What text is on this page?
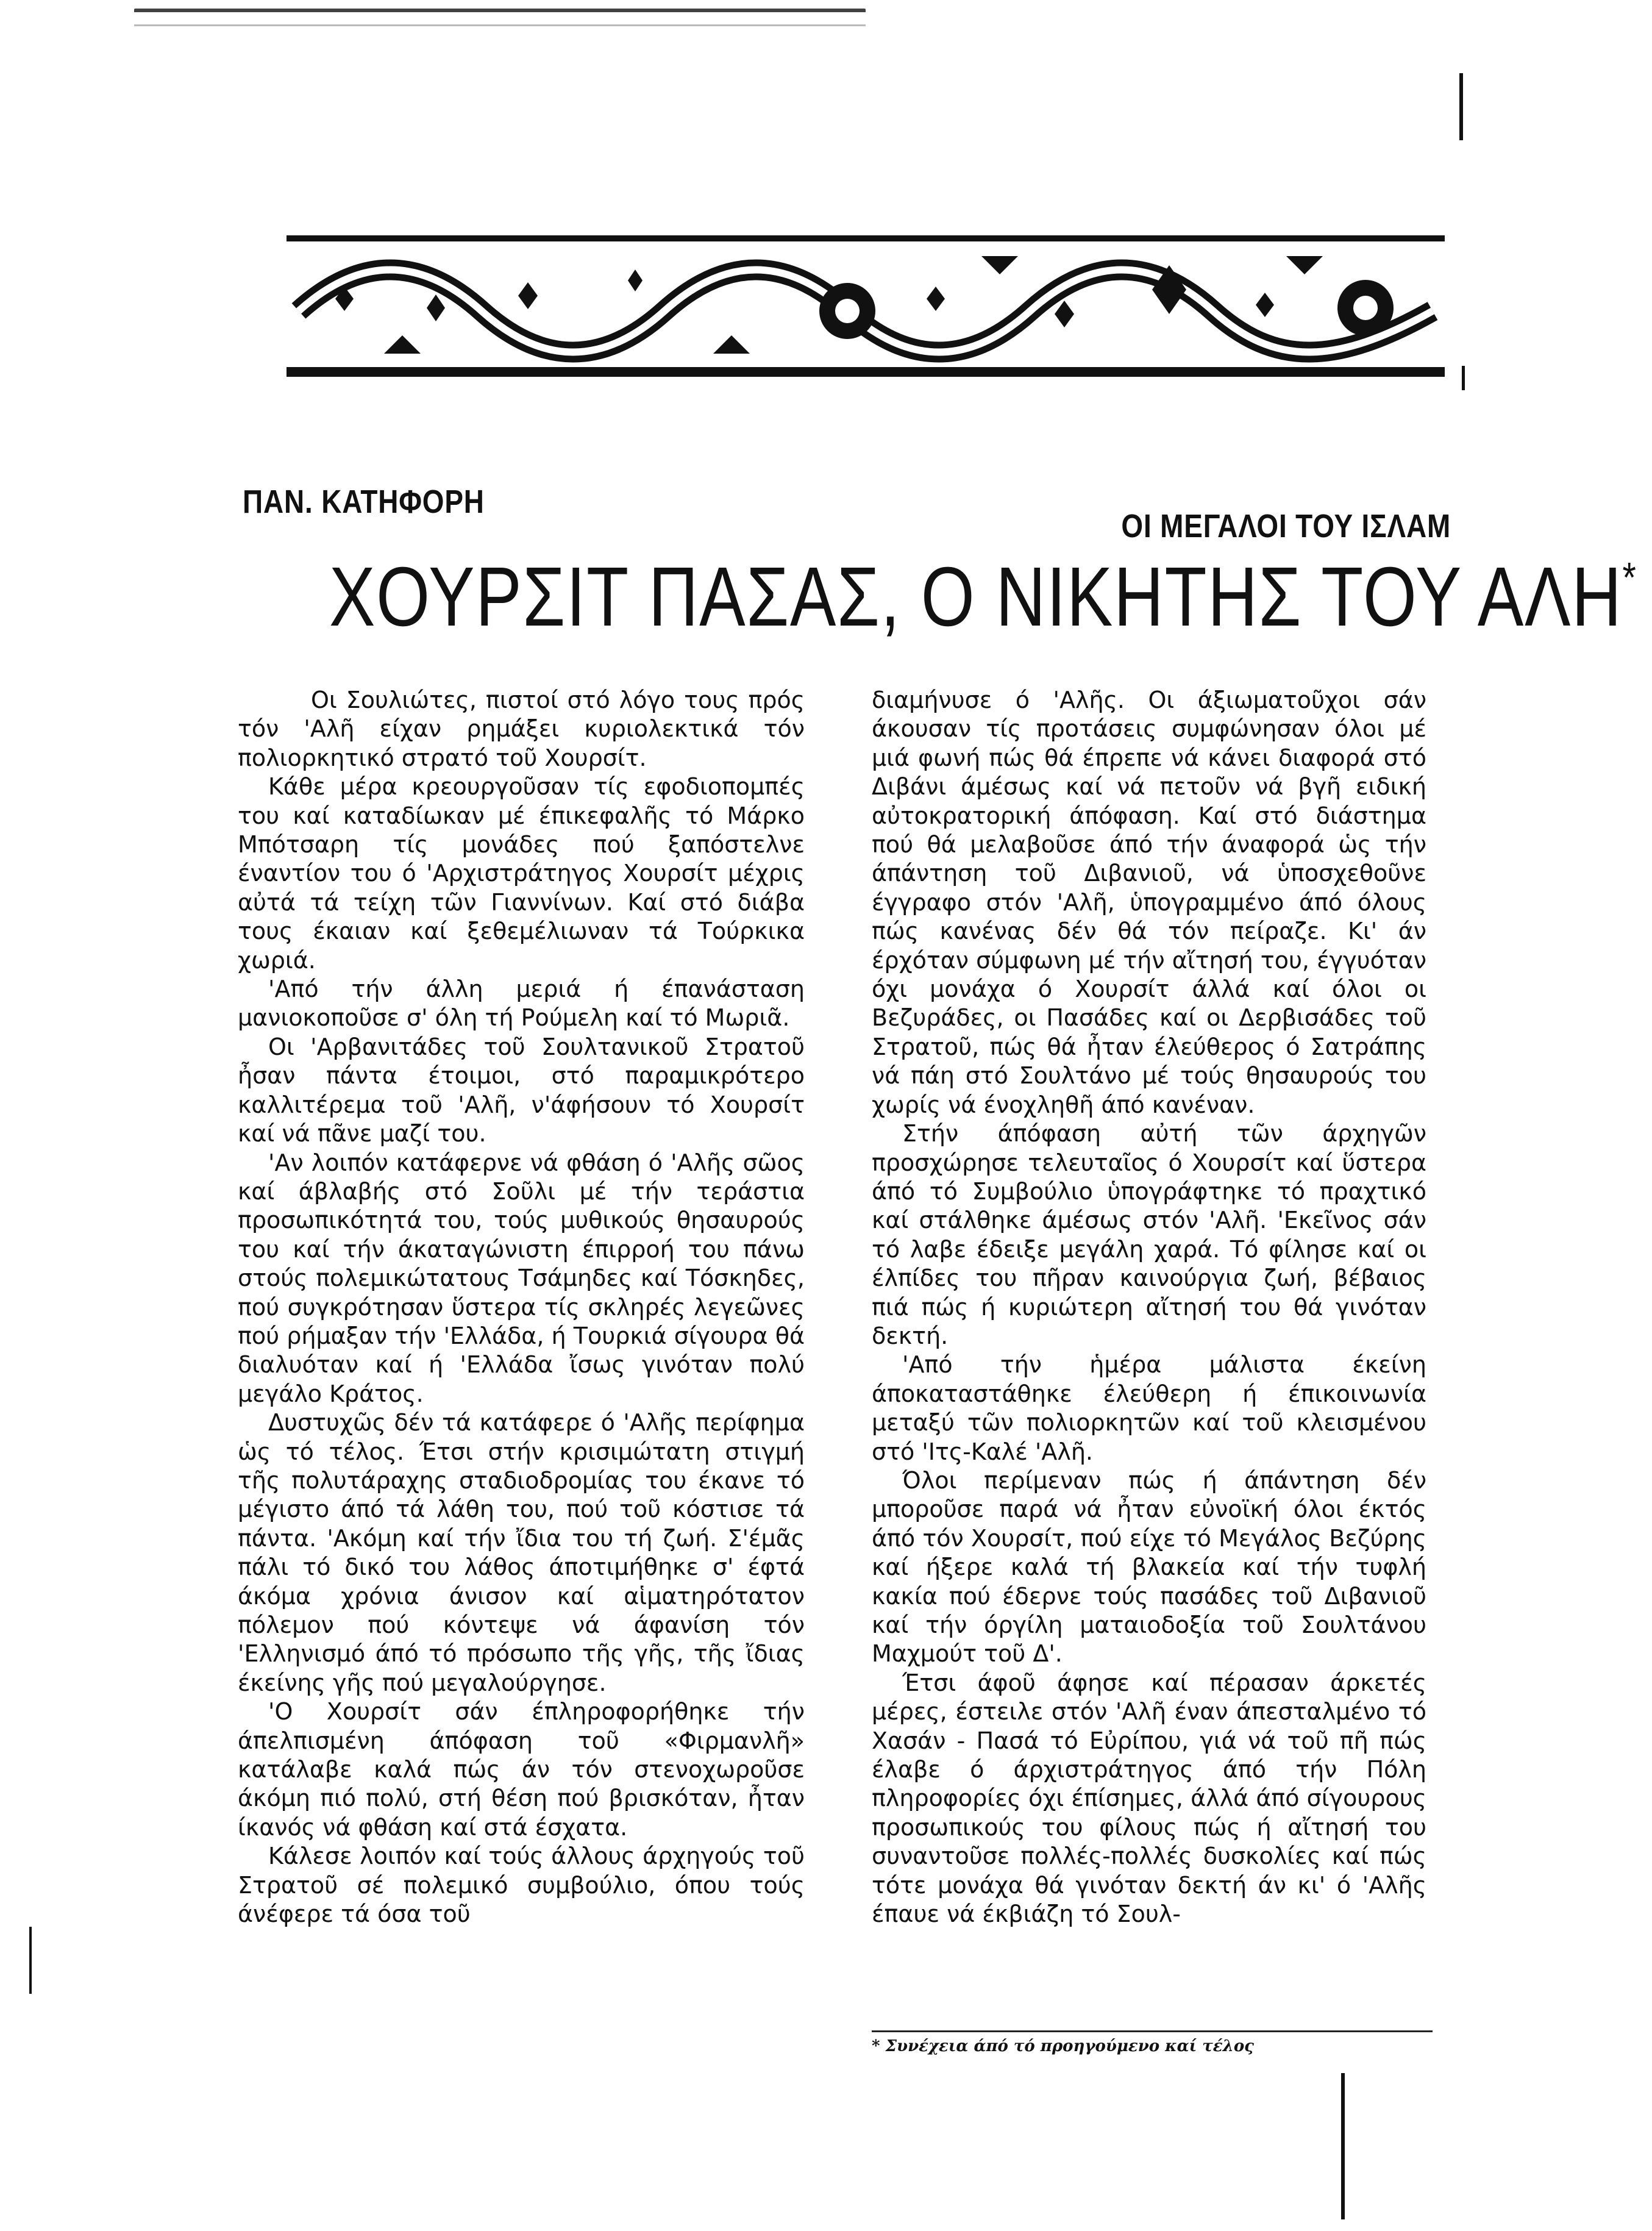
ΠΑΝ. ΚΑΤΗΦΟΡΗ
ΟΙ ΜΕΓΑΛΟΙ ΤΟΥ ΙΣΛΑΜ
ΧΟΥΡΣΙΤ ΠΑΣΑΣ, Ο ΝΙΚΗΤΗΣ ΤΟΥ ΑΛΗ*

Οι Σουλιώτες, πιστοί στό λόγο τους πρός τόν 'Αλῆ είχαν ρημάξει κυριολεκτικά τόν πολιορκητικό στρατό τοῦ Χουρσίτ.

Κάθε μέρα κρεουργοῦσαν τίς εφοδιοπομπές του καί καταδίωκαν μέ έπικεφαλῆς τό Μάρκο Μπότσαρη τίς μονάδες πού ξαπόστελνε έναντίον του ό 'Αρχιστράτηγος Χουρσίτ μέχρις αὐτά τά τείχη τῶν Γιαννίνων. Καί στό διάβα τους έκαιαν καί ξεθεμέλιωναν τά Τούρκικα χωριά.

'Από τήν άλλη μεριά ή έπανάσταση μανιοκοποῦσε σ' όλη τή Ρούμελη καί τό Μωριᾶ.

Οι 'Αρβανιτάδες τοῦ Σουλτανικοῦ Στρατοῦ ἦσαν πάντα έτοιμοι, στό παραμικρότερο καλλιτέρεμα τοῦ 'Αλῆ, ν'άφήσουν τό Χουρσίτ καί νά πᾶνε μαζί του.

'Αν λοιπόν κατάφερνε νά φθάση ό 'Αλῆς σῶος καί άβλαβής στό Σοῦλι μέ τήν τεράστια προσωπικότητά του, τούς μυθικούς θησαυρούς του καί τήν άκαταγώνιστη έπιρροή του πάνω στούς πολεμικώτατους Τσάμηδες καί Τόσκηδες, πού συγκρότησαν ὕστερα τίς σκληρές λεγεῶνες πού ρήμαξαν τήν 'Ελλάδα, ή Τουρκιά σίγουρα θά διαλυόταν καί ή 'Ελλάδα ἴσως γινόταν πολύ μεγάλο Κράτος.

Δυστυχῶς δέν τά κατάφερε ό 'Αλῆς περίφημα ὡς τό τέλος. Έτσι στήν κρισιμώτατη στιγμή τῆς πολυτάραχης σταδιοδρομίας του έκανε τό μέγιστο άπό τά λάθη του, πού τοῦ κόστισε τά πάντα. 'Ακόμη καί τήν ἴδια του τή ζωή. Σ'έμᾶς πάλι τό δικό του λάθος άποτιμήθηκε σ' έφτά άκόμα χρόνια άνισον καί αἱματηρότατον πόλεμον πού κόντεψε νά άφανίση τόν 'Ελληνισμό άπό τό πρόσωπο τῆς γῆς, τῆς ἴδιας έκείνης γῆς πού μεγαλούργησε.

'Ο Χουρσίτ σάν έπληροφορήθηκε τήν άπελπισμένη άπόφαση τοῦ «Φιρμανλῆ» κατάλαβε καλά πώς άν τόν στενοχωροῦσε άκόμη πιό πολύ, στή θέση πού βρισκόταν, ἦταν ίκανός νά φθάση καί στά έσχατα.

Κάλεσε λοιπόν καί τούς άλλους άρχηγούς τοῦ Στρατοῦ σέ πολεμικό συμβούλιο, όπου τούς άνέφερε τά όσα τοῦ

διαμήνυσε ό 'Αλῆς. Οι άξιωματοῦχοι σάν άκουσαν τίς προτάσεις συμφώνησαν όλοι μέ μιά φωνή πώς θά έπρεπε νά κάνει διαφορά στό Διβάνι άμέσως καί νά πετοῦν νά βγῆ ειδική αὐτοκρατορική άπόφαση. Καί στό διάστημα πού θά μελαβοῦσε άπό τήν άναφορά ὡς τήν άπάντηση τοῦ Διβανιοῦ, νά ὑποσχεθοῦνε έγγραφο στόν 'Αλῆ, ὑπογραμμένο άπό όλους πώς κανένας δέν θά τόν πείραζε. Κι' άν έρχόταν σύμφωνη μέ τήν αἴτησή του, έγγυόταν όχι μονάχα ό Χουρσίτ άλλά καί όλοι οι Βεζυράδες, οι Πασάδες καί οι Δερβισάδες τοῦ Στρατοῦ, πώς θά ἦταν έλεύθερος ό Σατράπης νά πάη στό Σουλτάνο μέ τούς θησαυρούς του χωρίς νά ένοχληθῆ άπό κανέναν.

Στήν άπόφαση αὐτή τῶν άρχηγῶν προσχώρησε τελευταῖος ό Χουρσίτ καί ὕστερα άπό τό Συμβούλιο ὑπογράφτηκε τό πραχτικό καί στάλθηκε άμέσως στόν 'Αλῆ. 'Εκεῖνος σάν τό λαβε έδειξε μεγάλη χαρά. Τό φίλησε καί οι έλπίδες του πῆραν καινούργια ζωή, βέβαιος πιά πώς ή κυριώτερη αἴτησή του θά γινόταν δεκτή.

'Από τήν ἡμέρα μάλιστα έκείνη άποκαταστάθηκε έλεύθερη ή έπικοινωνία μεταξύ τῶν πολιορκητῶν καί τοῦ κλεισμένου στό 'Ιτς-Καλέ 'Αλῆ.

Όλοι περίμεναν πώς ή άπάντηση δέν μποροῦσε παρά νά ἦταν εὐνοϊκή όλοι έκτός άπό τόν Χουρσίτ, πού είχε τό Μεγάλος Βεζύρης καί ήξερε καλά τή βλακεία καί τήν τυφλή κακία πού έδερνε τούς πασάδες τοῦ Διβανιοῦ καί τήν όργίλη ματαιοδοξία τοῦ Σουλτάνου Μαχμούτ τοῦ Δ'.

Έτσι άφοῦ άφησε καί πέρασαν άρκετές μέρες, έστειλε στόν 'Αλῆ έναν άπεσταλμένο τό Χασάν - Πασά τό Εὐρίπου, γιά νά τοῦ πῆ πώς έλαβε ό άρχιστράτηγος άπό τήν Πόλη πληροφορίες όχι έπίσημες, άλλά άπό σίγουρους προσωπικούς του φίλους πώς ή αἴτησή του συναντοῦσε πολλές-πολλές δυσκολίες καί πώς τότε μονάχα θά γινόταν δεκτή άν κι' ό 'Αλῆς έπαυε νά έκβιάζη τό Σουλ-

* Συνέχεια άπό τό προηγούμενο καί τέλος
